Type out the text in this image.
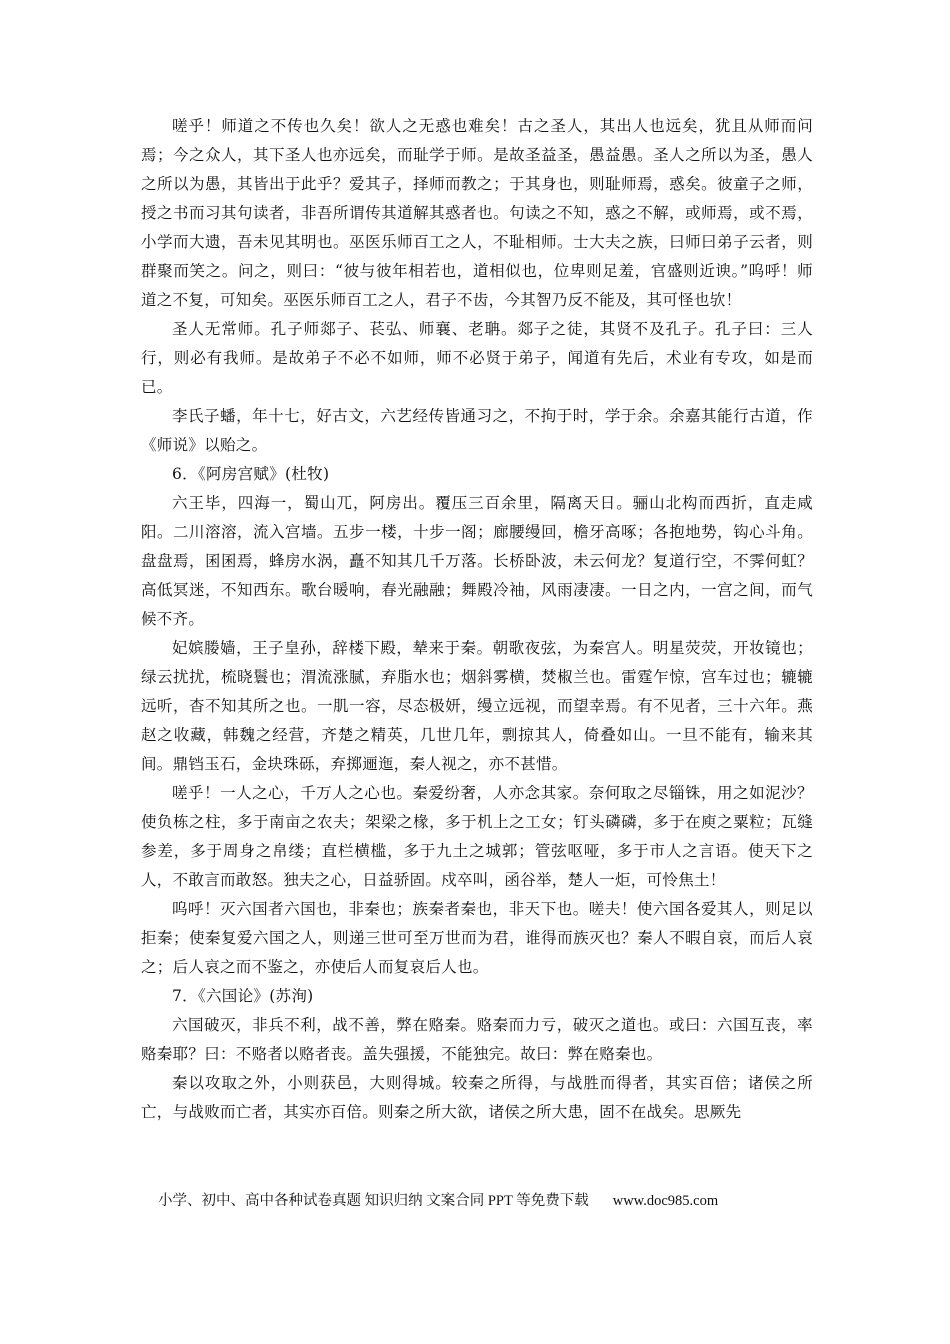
嗟乎！师道之不传也久矣！欲人之无惑也难矣！古之圣人，其出人也远矣，犹且从师而问焉；今之众人，其下圣人也亦远矣，而耻学于师。是故圣益圣，愚益愚。圣人之所以为圣，愚人之所以为愚，其皆出于此乎？爱其子，择师而教之；于其身也，则耻师焉，惑矣。彼童子之师，授之书而习其句读者，非吾所谓传其道解其惑者也。句读之不知，惑之不解，或师焉，或不焉，小学而大遗，吾未见其明也。巫医乐师百工之人，不耻相师。士大夫之族，曰师曰弟子云者，则群聚而笑之。问之，则曰：“彼与彼年相若也，道相似也，位卑则足羞，官盛则近谀。”呜呼！师道之不复，可知矣。巫医乐师百工之人，君子不齿，今其智乃反不能及，其可怪也欤！

圣人无常师。孔子师郯子、苌弘、师襄、老聃。郯子之徒，其贤不及孔子。孔子曰：三人行，则必有我师。是故弟子不必不如师，师不必贤于弟子，闻道有先后，术业有专攻，如是而已。

李氏子蟠，年十七，好古文，六艺经传皆通习之，不拘于时，学于余。余嘉其能行古道，作《师说》以贻之。

6．《阿房宫赋》(杜牧)

六王毕，四海一，蜀山兀，阿房出。覆压三百余里，隔离天日。骊山北构而西折，直走咸阳。二川溶溶，流入宫墙。五步一楼，十步一阁；廊腰缦回，檐牙高啄；各抱地势，钩心斗角。盘盘焉，囷囷焉，蜂房水涡，矗不知其几千万落。长桥卧波，未云何龙？复道行空，不霁何虹？高低冥迷，不知西东。歌台暖响，春光融融；舞殿冷袖，风雨凄凄。一日之内，一宫之间，而气候不齐。

妃嫔媵嫱，王子皇孙，辞楼下殿，辇来于秦。朝歌夜弦，为秦宫人。明星荧荧，开妆镜也；绿云扰扰，梳晓鬟也；渭流涨腻，弃脂水也；烟斜雾横，焚椒兰也。雷霆乍惊，宫车过也；辘辘远听，杳不知其所之也。一肌一容，尽态极妍，缦立远视，而望幸焉。有不见者，三十六年。燕赵之收藏，韩魏之经营，齐楚之精英，几世几年，剽掠其人，倚叠如山。一旦不能有，输来其间。鼎铛玉石，金块珠砾，弃掷逦迤，秦人视之，亦不甚惜。

嗟乎！一人之心，千万人之心也。秦爱纷奢，人亦念其家。奈何取之尽锱铢，用之如泥沙？使负栋之柱，多于南亩之农夫；架梁之椽，多于机上之工女；钉头磷磷，多于在庾之粟粒；瓦缝参差，多于周身之帛缕；直栏横槛，多于九土之城郭；管弦呕哑，多于市人之言语。使天下之人，不敢言而敢怒。独夫之心，日益骄固。戍卒叫，函谷举，楚人一炬，可怜焦土！

呜呼！灭六国者六国也，非秦也；族秦者秦也，非天下也。嗟夫！使六国各爱其人，则足以拒秦；使秦复爱六国之人，则递三世可至万世而为君，谁得而族灭也？秦人不暇自哀，而后人哀之；后人哀之而不鉴之，亦使后人而复哀后人也。

7．《六国论》(苏洵)

六国破灭，非兵不利，战不善，弊在赂秦。赂秦而力亏，破灭之道也。或曰：六国互丧，率赂秦耶？曰：不赂者以赂者丧。盖失强援，不能独完。故曰：弊在赂秦也。

秦以攻取之外，小则获邑，大则得城。较秦之所得，与战胜而得者，其实百倍；诸侯之所亡，与战败而亡者，其实亦百倍。则秦之所大欲，诸侯之所大患，固不在战矣。思厥先

小学、初中、高中各种试卷真题 知识归纳 文案合同 PPT 等免费下载 www.doc985.com
